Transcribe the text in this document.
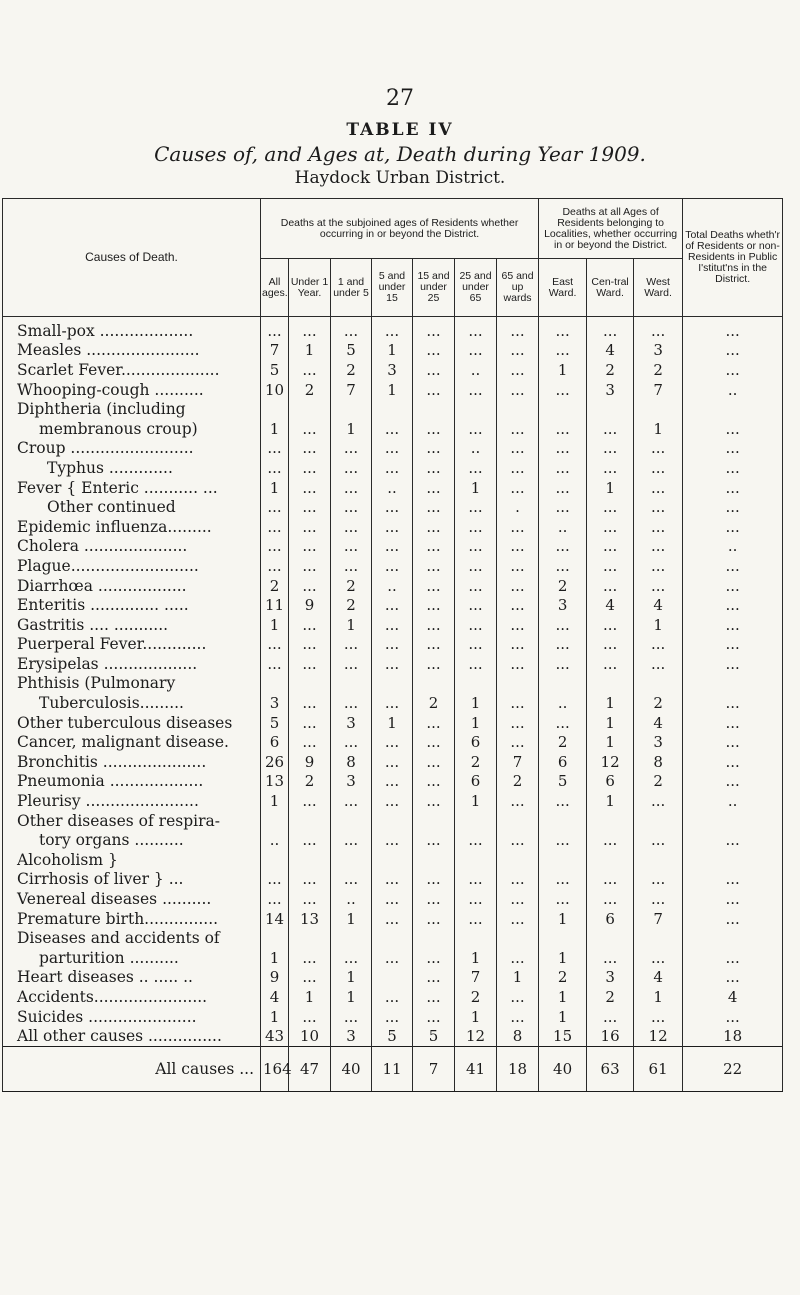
27
TABLE IV
Causes of, and Ages at, Death during Year 1909.
Haydock Urban District.
Causes of Death.	Deaths at the subjoined ages of Residents whether occurring in or beyond the District.							Deaths at all Ages of Residents belonging to Localities, whether occurring in or beyond the District.			Total Deaths wheth'r of Residents or non-Residents in Public I'stitut'ns in the District.
	All ages.	Under 1 Year.	1 and under 5	5 and under 15	15 and under 25	25 and under 65	65 and up wards	East Ward.	Cen-tral Ward.	West Ward.	
Small-pox ...................	...	...	...	...	...	...	...	...	...	...	...
Measles .......................	7	1	5	1	...	...	...	...	4	3	...
Scarlet Fever....................	5	...	2	3	...	..	...	1	2	2	...
Whooping-cough ..........	10	2	7	1	...	...	...	...	3	7	..
Diphtheria (including											
membranous croup)	1	...	1	...	...	...	...	...	...	1	...
Croup .........................	...	...	...	...	...	..	...	...	...	...	...
Typhus .............	...	...	...	...	...	...	...	...	...	...	...
Fever { Enteric ........... ...	1	...	...	..	...	1	...	...	1	...	...
Other continued	...	...	...	...	...	...	.	...	...	...	...
Epidemic influenza.........	...	...	...	...	...	...	...	..	...	...	...
Cholera .....................	...	...	...	...	...	...	...	...	...	...	..
Plague..........................	...	...	...	...	...	...	...	...	...	...	...
Diarrhœa ..................	2	...	2	..	...	...	...	2	...	...	...
Enteritis .............. .....	11	9	2	...	...	...	...	3	4	4	...
Gastritis .... ...........	1	...	1	...	...	...	...	...	...	1	...
Puerperal Fever.............	...	...	...	...	...	...	...	...	...	...	...
Erysipelas ...................	...	...	...	...	...	...	...	...	...	...	...
Phthisis (Pulmonary											
Tuberculosis.........	3	...	...	...	2	1	...	..	1	2	...
Other tuberculous diseases	5	...	3	1	...	1	...	...	1	4	...
Cancer, malignant disease.	6	...	...	...	...	6	...	2	1	3	...
Bronchitis .....................	26	9	8	...	...	2	7	6	12	8	...
Pneumonia ...................	13	2	3	...	...	6	2	5	6	2	...
Pleurisy .......................	1	...	...	...	...	1	...	...	1	...	..
Other diseases of respira-											
tory organs ..........	..	...	...	...	...	...	...	...	...	...	...
Alcoholism }											
Cirrhosis of liver } ...	...	...	...	...	...	...	...	...	...	...	...
Venereal diseases ..........	...	...	..	...	...	...	...	...	...	...	...
Premature birth...............	14	13	1	...	...	...	...	1	6	7	...
Diseases and accidents of											
parturition ..........	1	...	...	...	...	1	...	1	...	...	...
Heart diseases .. ..... ..	9	...	1		...	7	1	2	3	4	...
Accidents.......................	4	1	1	...	...	2	...	1	2	1	4
Suicides ......................	1	...	...	...	...	1	...	1	...	...	...
All other causes ...............	43	10	3	5	5	12	8	15	16	12	18
All causes ...	164	47	40	11	7	41	18	40	63	61	22
